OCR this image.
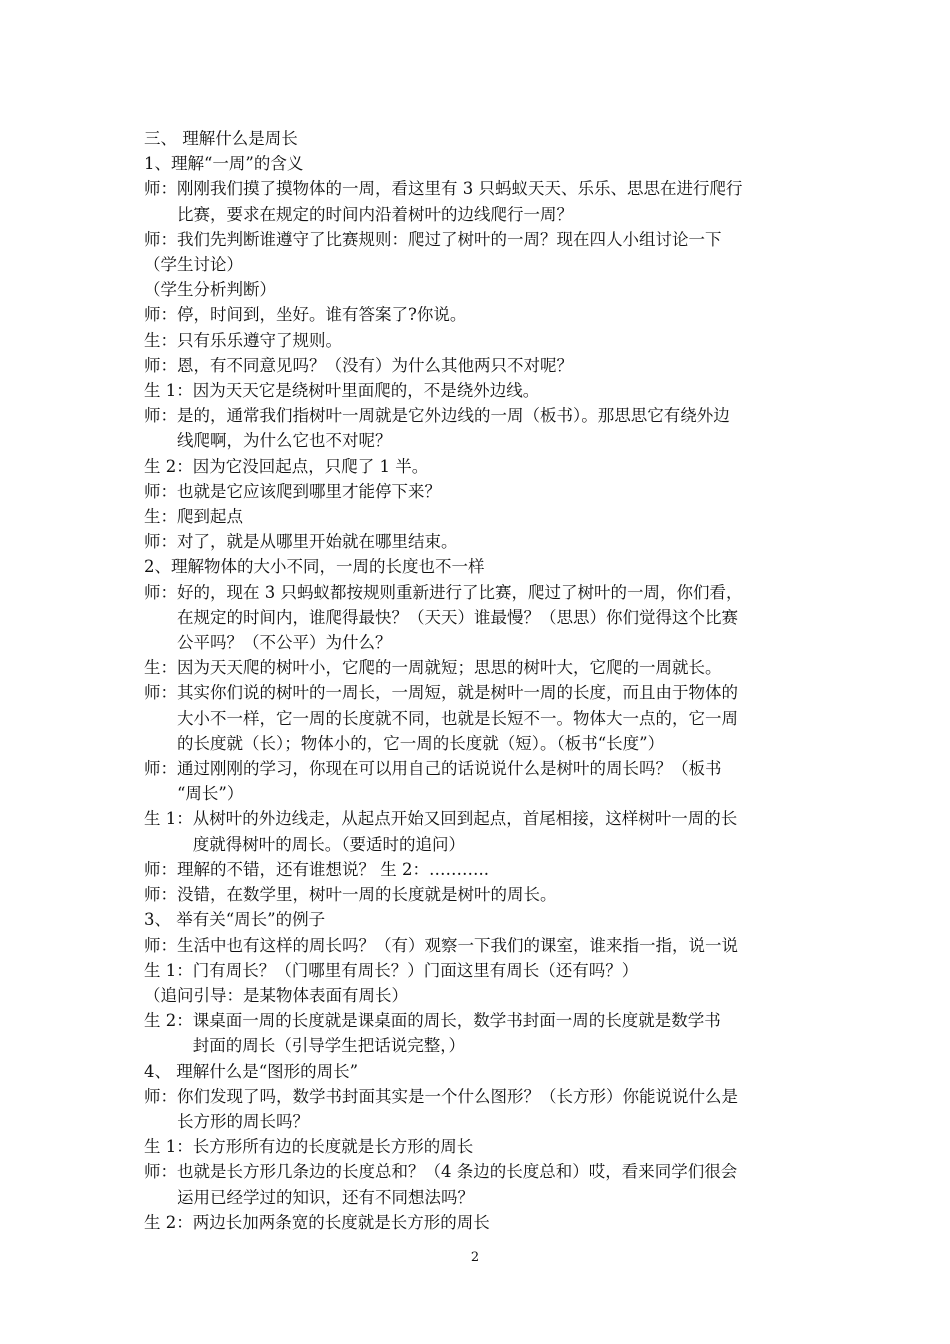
三、 理解什么是周长
1、理解“一周”的含义
师： 刚刚我们摸了摸物体的一周，看这里有 3 只蚂蚁天天、乐乐、思思在进行爬行
比赛，要求在规定的时间内沿着树叶的边线爬行一周？
师： 我们先判断谁遵守了比赛规则：爬过了树叶的一周？现在四人小组讨论一下
（学生讨论）
（学生分析判断）
师： 停，时间到，坐好。谁有答案了?你说。
生： 只有乐乐遵守了规则。
师： 恩，有不同意见吗？（没有）为什么其他两只不对呢？
生 1： 因为天天它是绕树叶里面爬的，不是绕外边线。
师： 是的，通常我们指树叶一周就是它外边线的一周（板书）。那思思它有绕外边
线爬啊，为什么它也不对呢？
生 2： 因为它没回起点，只爬了 1 半。
师： 也就是它应该爬到哪里才能停下来？
生： 爬到起点
师： 对了，就是从哪里开始就在哪里结束。
2、理解物体的大小不同，一周的长度也不一样
师： 好的，现在 3 只蚂蚁都按规则重新进行了比赛，爬过了树叶的一周，你们看，
在规定的时间内，谁爬得最快？（天天）谁最慢？（思思）你们觉得这个比赛
公平吗？（不公平）为什么？
生： 因为天天爬的树叶小，它爬的一周就短；思思的树叶大，它爬的一周就长。
师： 其实你们说的树叶的一周长，一周短，就是树叶一周的长度，而且由于物体的
大小不一样，它一周的长度就不同，也就是长短不一。物体大一点的，它一周
的长度就（长）；物体小的，它一周的长度就（短）。（板书“长度”）
师： 通过刚刚的学习，你现在可以用自己的话说说什么是树叶的周长吗？（板书
“周长”）
生 1： 从树叶的外边线走，从起点开始又回到起点，首尾相接，这样树叶一周的长
度就得树叶的周长。（要适时的追问）
师： 理解的不错，还有谁想说？ 生 2：………..
师： 没错，在数学里，树叶一周的长度就是树叶的周长。
3、 举有关“周长”的例子
师： 生活中也有这样的周长吗？（有）观察一下我们的课室，谁来指一指，说一说
生 1： 门有周长？（门哪里有周长？）门面这里有周长（还有吗？）
（追问引导：是某物体表面有周长）
生 2： 课桌面一周的长度就是课桌面的周长，数学书封面一周的长度就是数学书
封面的周长（引导学生把话说完整，）
4、 理解什么是“图形的周长”
师： 你们发现了吗，数学书封面其实是一个什么图形？（长方形）你能说说什么是
长方形的周长吗？
生 1： 长方形所有边的长度就是长方形的周长
师： 也就是长方形几条边的长度总和？（4 条边的长度总和）哎，看来同学们很会
运用已经学过的知识，还有不同想法吗？
生 2： 两边长加两条宽的长度就是长方形的周长
2
